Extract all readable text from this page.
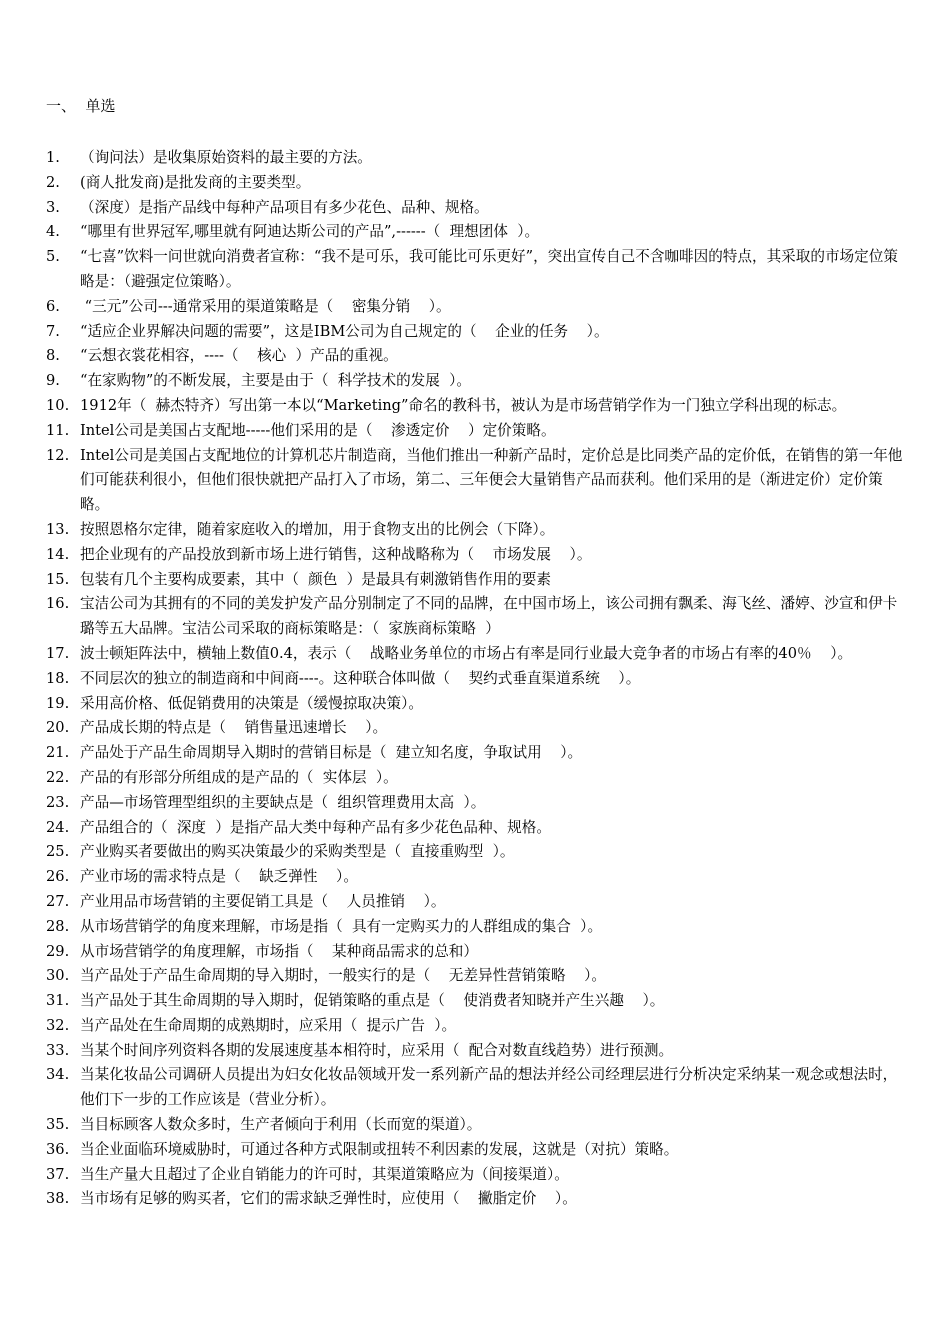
一、  单选
1. （询问法）是收集原始资料的最主要的方法。
2. (商人批发商)是批发商的主要类型。
3. （深度）是指产品线中每种产品项目有多少花色、品种、规格。
4. “哪里有世界冠军,哪里就有阿迪达斯公司的产品”,------（  理想团体  ）。
5. “七喜”饮料一问世就向消费者宣称：“我不是可乐，我可能比可乐更好”，突出宣传自己不含咖啡因的特点，其采取的市场定位策略是：（避强定位策略）。
6. “三元”公司---通常采用的渠道策略是（    密集分销    ）。
7. “适应企业界解决问题的需要”，这是IBM公司为自己规定的（    企业的任务    ）。
8. “云想衣裳花相容，----（    核心  ）产品的重视。
9. “在家购物”的不断发展，主要是由于（  科学技术的发展  ）。
10. 1912年（  赫杰特齐）写出第一本以“Marketing”命名的教科书，被认为是市场营销学作为一门独立学科出现的标志。
11. Intel公司是美国占支配地-----他们采用的是（    渗透定价    ）定价策略。
12. Intel公司是美国占支配地位的计算机芯片制造商，当他们推出一种新产品时，定价总是比同类产品的定价低，在销售的第一年他们可能获利很小，但他们很快就把产品打入了市场，第二、三年便会大量销售产品而获利。他们采用的是（渐进定价）定价策略。
13. 按照恩格尔定律，随着家庭收入的增加，用于食物支出的比例会（下降）。
14. 把企业现有的产品投放到新市场上进行销售，这种战略称为（    市场发展    ）。
15. 包装有几个主要构成要素，其中（  颜色  ）是最具有刺激销售作用的要素
16. 宝洁公司为其拥有的不同的美发护发产品分别制定了不同的品牌，在中国市场上，该公司拥有飘柔、海飞丝、潘婷、沙宣和伊卡璐等五大品牌。宝洁公司采取的商标策略是：（  家族商标策略  ）
17. 波士顿矩阵法中，横轴上数值0.4，表示（    战略业务单位的市场占有率是同行业最大竞争者的市场占有率的40％    ）。
18. 不同层次的独立的制造商和中间商----。这种联合体叫做（    契约式垂直渠道系统    ）。
19. 采用高价格、低促销费用的决策是（缓慢掠取决策）。
20. 产品成长期的特点是（    销售量迅速增长    ）。
21. 产品处于产品生命周期导入期时的营销目标是（  建立知名度，争取试用    ）。
22. 产品的有形部分所组成的是产品的（  实体层  ）。
23. 产品—市场管理型组织的主要缺点是（  组织管理费用太高  ）。
24. 产品组合的（  深度  ）是指产品大类中每种产品有多少花色品种、规格。
25. 产业购买者要做出的购买决策最少的采购类型是（  直接重购型  ）。
26. 产业市场的需求特点是（    缺乏弹性    ）。
27. 产业用品市场营销的主要促销工具是（    人员推销    ）。
28. 从市场营销学的角度来理解，市场是指（  具有一定购买力的人群组成的集合  ）。
29. 从市场营销学的角度理解，市场指（    某种商品需求的总和）
30. 当产品处于产品生命周期的导入期时，一般实行的是（    无差异性营销策略    ）。
31. 当产品处于其生命周期的导入期时，促销策略的重点是（    使消费者知晓并产生兴趣    ）。
32. 当产品处在生命周期的成熟期时，应采用（  提示广告  ）。
33. 当某个时间序列资料各期的发展速度基本相符时，应采用（  配合对数直线趋势）进行预测。
34. 当某化妆品公司调研人员提出为妇女化妆品领域开发一系列新产品的想法并经公司经理层进行分析决定采纳某一观念或想法时，他们下一步的工作应该是（营业分析）。
35. 当目标顾客人数众多时，生产者倾向于利用（长而宽的渠道）。
36. 当企业面临环境威胁时，可通过各种方式限制或扭转不利因素的发展，这就是（对抗）策略。
37. 当生产量大且超过了企业自销能力的许可时，其渠道策略应为（间接渠道）。
38. 当市场有足够的购买者，它们的需求缺乏弹性时，应使用（    撇脂定价    ）。
